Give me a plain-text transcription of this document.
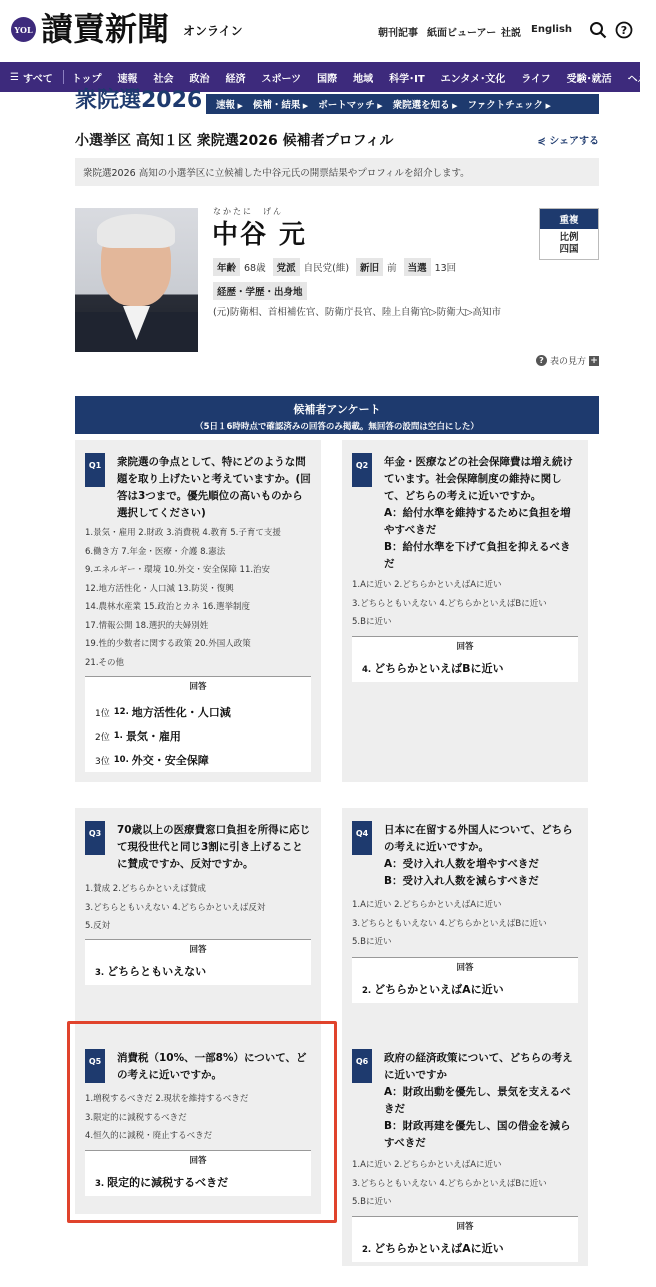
YOL 讀賣新聞 オンライン	朝刊記事 紙面ビューアー 社説 English	?
☰ すべて	トップ	速報	社会	政治	経済	スポーツ	国際	地域	科学･IT	エンタメ･文化	ライフ	受験･就活	ヘル
衆院選2026	速報 ▶	候補・結果 ▶	ボートマッチ ▶	衆院選を知る ▶	ファクトチェック ▶
小選挙区 高知１区 衆院選2026 候補者プロフィル	⋞ シェアする
衆院選2026 高知の小選挙区に立候補した中谷元氏の開票結果やプロフィルを紹介します。
なかたに　げん
中谷 元
年齢 68歳	党派 自民党(維)	新旧 前	当選 13回
経歴・学歴・出身地
(元)防衛相、首相補佐官、防衛庁長官、陸上自衛官▷防衛大▷高知市
重複
比例
四国
? 表の見方 +
候補者アンケート
（5日１6時時点で確認済みの回答のみ掲載。無回答の設問は空白にした）
Q1	衆院選の争点として、特にどのような問題を取り上げたいと考えていますか。(回答は3つまで。優先順位の高いものから選択してください)
1.景気・雇用 2.財政 3.消費税 4.教育 5.子育て支援
6.働き方 7.年金・医療・介護 8.憲法
9.エネルギー・環境 10.外交・安全保障 11.治安
12.地方活性化・人口減 13.防災・復興
14.農林水産業 15.政治とカネ 16.選挙制度
17.情報公開 18.選択的夫婦別姓
19.性的少数者に関する政策 20.外国人政策
21.その他
回答
1位 12. 地方活性化・人口減
2位 1. 景気・雇用
3位 10. 外交・安全保障
Q2	年金・医療などの社会保障費は増え続けています。社会保障制度の維持に関して、どちらの考えに近いですか。
A：給付水準を維持するために負担を増やすべきだ
B：給付水準を下げて負担を抑えるべきだ
1.Aに近い 2.どちらかといえばAに近い
3.どちらともいえない 4.どちらかといえばBに近い
5.Bに近い
回答
4. どちらかといえばBに近い
Q3	70歳以上の医療費窓口負担を所得に応じて現役世代と同じ3割に引き上げることに賛成ですか、反対ですか。
1.賛成 2.どちらかといえば賛成
3.どちらともいえない 4.どちらかといえば反対
5.反対
回答
3. どちらともいえない
Q4	日本に在留する外国人について、どちらの考えに近いですか。
A：受け入れ人数を増やすべきだ
B：受け入れ人数を減らすべきだ
1.Aに近い 2.どちらかといえばAに近い
3.どちらともいえない 4.どちらかといえばBに近い
5.Bに近い
回答
2. どちらかといえばAに近い
Q5	消費税（10%、一部8%）について、どの考えに近いですか。
1.増税するべきだ 2.現状を維持するべきだ
3.限定的に減税するべきだ
4.恒久的に減税・廃止するべきだ
回答
3. 限定的に減税するべきだ
Q6	政府の経済政策について、どちらの考えに近いですか
A：財政出動を優先し、景気を支えるべきだ
B：財政再建を優先し、国の借金を減らすべきだ
1.Aに近い 2.どちらかといえばAに近い
3.どちらともいえない 4.どちらかといえばBに近い
5.Bに近い
回答
2. どちらかといえばAに近い
